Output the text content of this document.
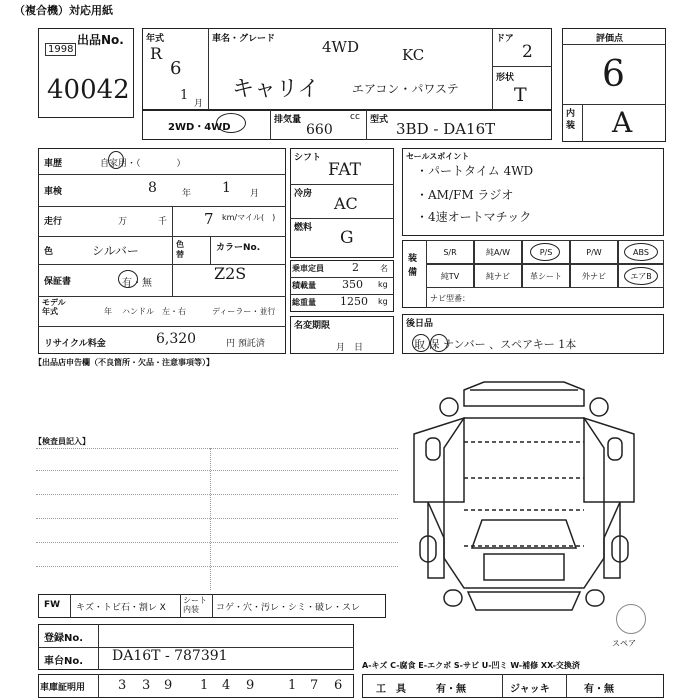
（複合機）対応用紙
出品No.
1998
40042
年式
R
6
1
月
車名・グレード	4WD	KC
キャリイ	エアコン・パワステ
ドア
2
形状
T
評価点
6
内装 A
2WD・4WD
排気量	cc
660
型式 3BD - DA16T
車歴	自家用・（　　　　）
車検	8	年 1 月
走行	万	千 7 km/マイル(　)
色	シルバー	色替
カラーNo.
Z2S
保証書	有・無
モデル年式	年 ハンドル　左・右	ディーラー・並行
リサイクル料金	6,320	円 預託済
シフト
FAT
冷房 AC
燃料 G
乗車定員	2	名
積載量 350 kg
総重量 1250 kg
名変期限
月　日
セールスポイント
・パートタイム 4WD
・AM/FM ラジオ
・4速オートマチック
装備
S/R	純A/W	P/S	P/W	ABS
純TV	純ナビ	革シート	外ナビ	エアB
ナビ型番：
後日品
取 保 ナンバー 、スペアキー 1本
【出品店申告欄（不良箇所・欠品・注意事項等）】
【検査員記入】
スペア
FW キズ・トビ石・割レ X
シート内装	コゲ・穴・汚レ・シミ・破レ・スレ
登録No.
車台No. DA16T - 787391
車庫証明用	3 3 9 1 4 9	1 7 6
A-キズ C-腐食 E-エクボ S-サビ U-凹ミ W-補修 XX-交換済
工　具	有・無	ジャッキ	有・無
